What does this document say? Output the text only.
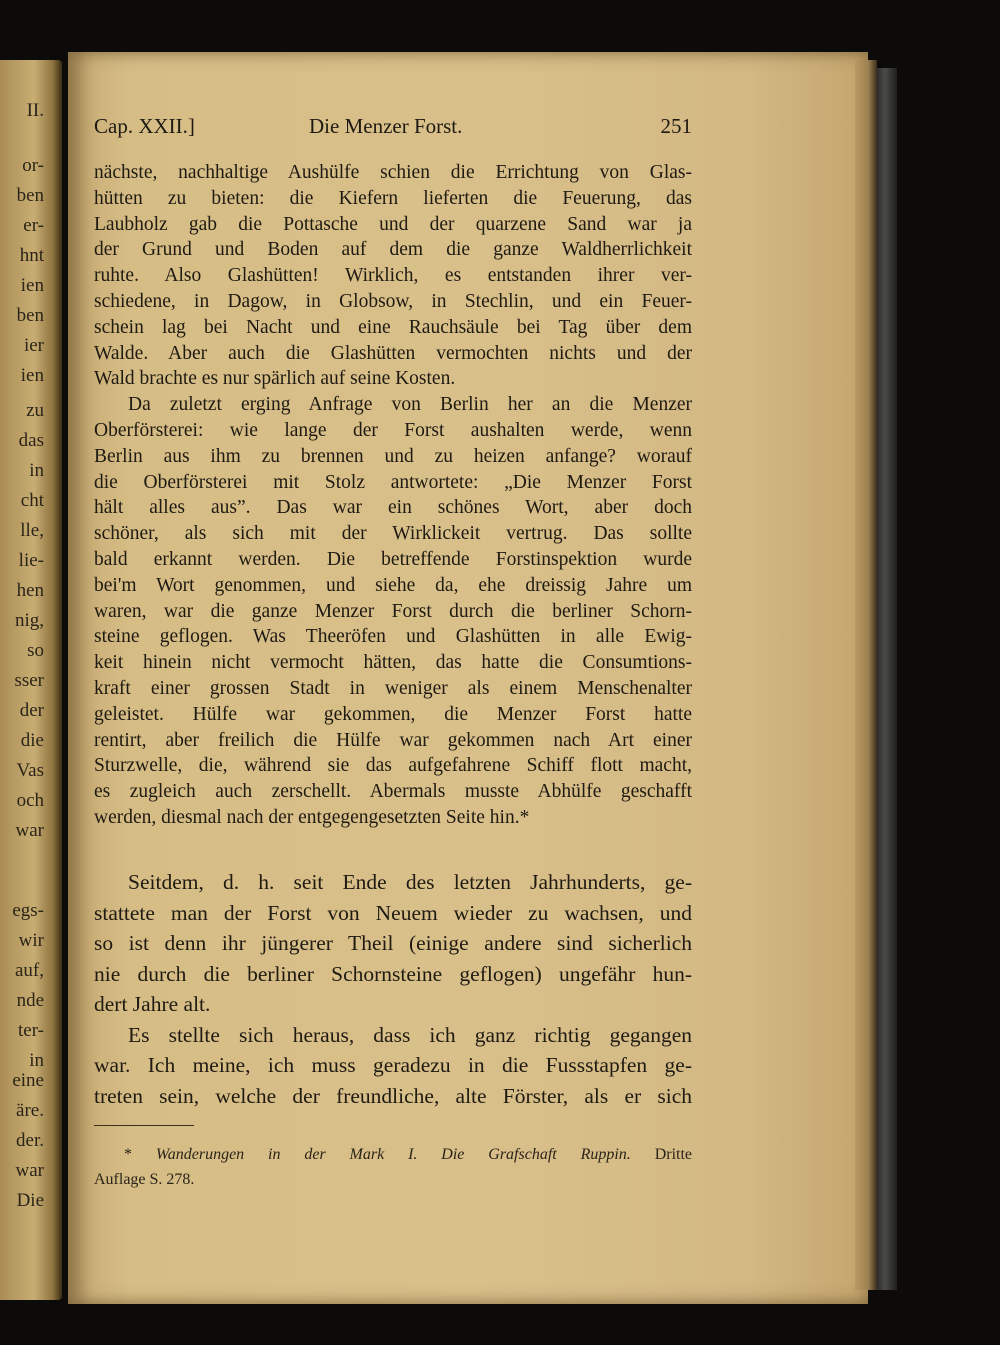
II.
or-
ben
er-
hnt
ien
ben
ier
ien
zu
das
in
cht
lle,
lie-
hen
nig,
so
sser
der
die
Vas
och
war
egs-
wir
auf,
nde
ter-
in
eine
äre.
der.
war
Die
Cap. XXII.]	Die Menzer Forst.	251
nächste, nachhaltige Aushülfe schien die Errichtung von Glas-
hütten zu bieten: die Kiefern lieferten die Feuerung, das
Laubholz gab die Pottasche und der quarzene Sand war ja
der Grund und Boden auf dem die ganze Waldherrlichkeit
ruhte. Also Glashütten! Wirklich, es entstanden ihrer ver-
schiedene, in Dagow, in Globsow, in Stechlin, und ein Feuer-
schein lag bei Nacht und eine Rauchsäule bei Tag über dem
Walde. Aber auch die Glashütten vermochten nichts und der
Wald brachte es nur spärlich auf seine Kosten.
Da zuletzt erging Anfrage von Berlin her an die Menzer
Oberförsterei: wie lange der Forst aushalten werde, wenn
Berlin aus ihm zu brennen und zu heizen anfange? worauf
die Oberförsterei mit Stolz antwortete: „Die Menzer Forst
hält alles aus”. Das war ein schönes Wort, aber doch
schöner, als sich mit der Wirklickeit vertrug. Das sollte
bald erkannt werden. Die betreffende Forstinspektion wurde
bei'm Wort genommen, und siehe da, ehe dreissig Jahre um
waren, war die ganze Menzer Forst durch die berliner Schorn-
steine geflogen. Was Theeröfen und Glashütten in alle Ewig-
keit hinein nicht vermocht hätten, das hatte die Consumtions-
kraft einer grossen Stadt in weniger als einem Menschenalter
geleistet. Hülfe war gekommen, die Menzer Forst hatte
rentirt, aber freilich die Hülfe war gekommen nach Art einer
Sturzwelle, die, während sie das aufgefahrene Schiff flott macht,
es zugleich auch zerschellt. Abermals musste Abhülfe geschafft
werden, diesmal nach der entgegengesetzten Seite hin.*
Seitdem, d. h. seit Ende des letzten Jahrhunderts, ge-
stattete man der Forst von Neuem wieder zu wachsen, und
so ist denn ihr jüngerer Theil (einige andere sind sicherlich
nie durch die berliner Schornsteine geflogen) ungefähr hun-
dert Jahre alt.
Es stellte sich heraus, dass ich ganz richtig gegangen
war. Ich meine, ich muss geradezu in die Fussstapfen ge-
treten sein, welche der freundliche, alte Förster, als er sich
* Wanderungen in der Mark I. Die Grafschaft Ruppin. Dritte
Auflage S. 278.
